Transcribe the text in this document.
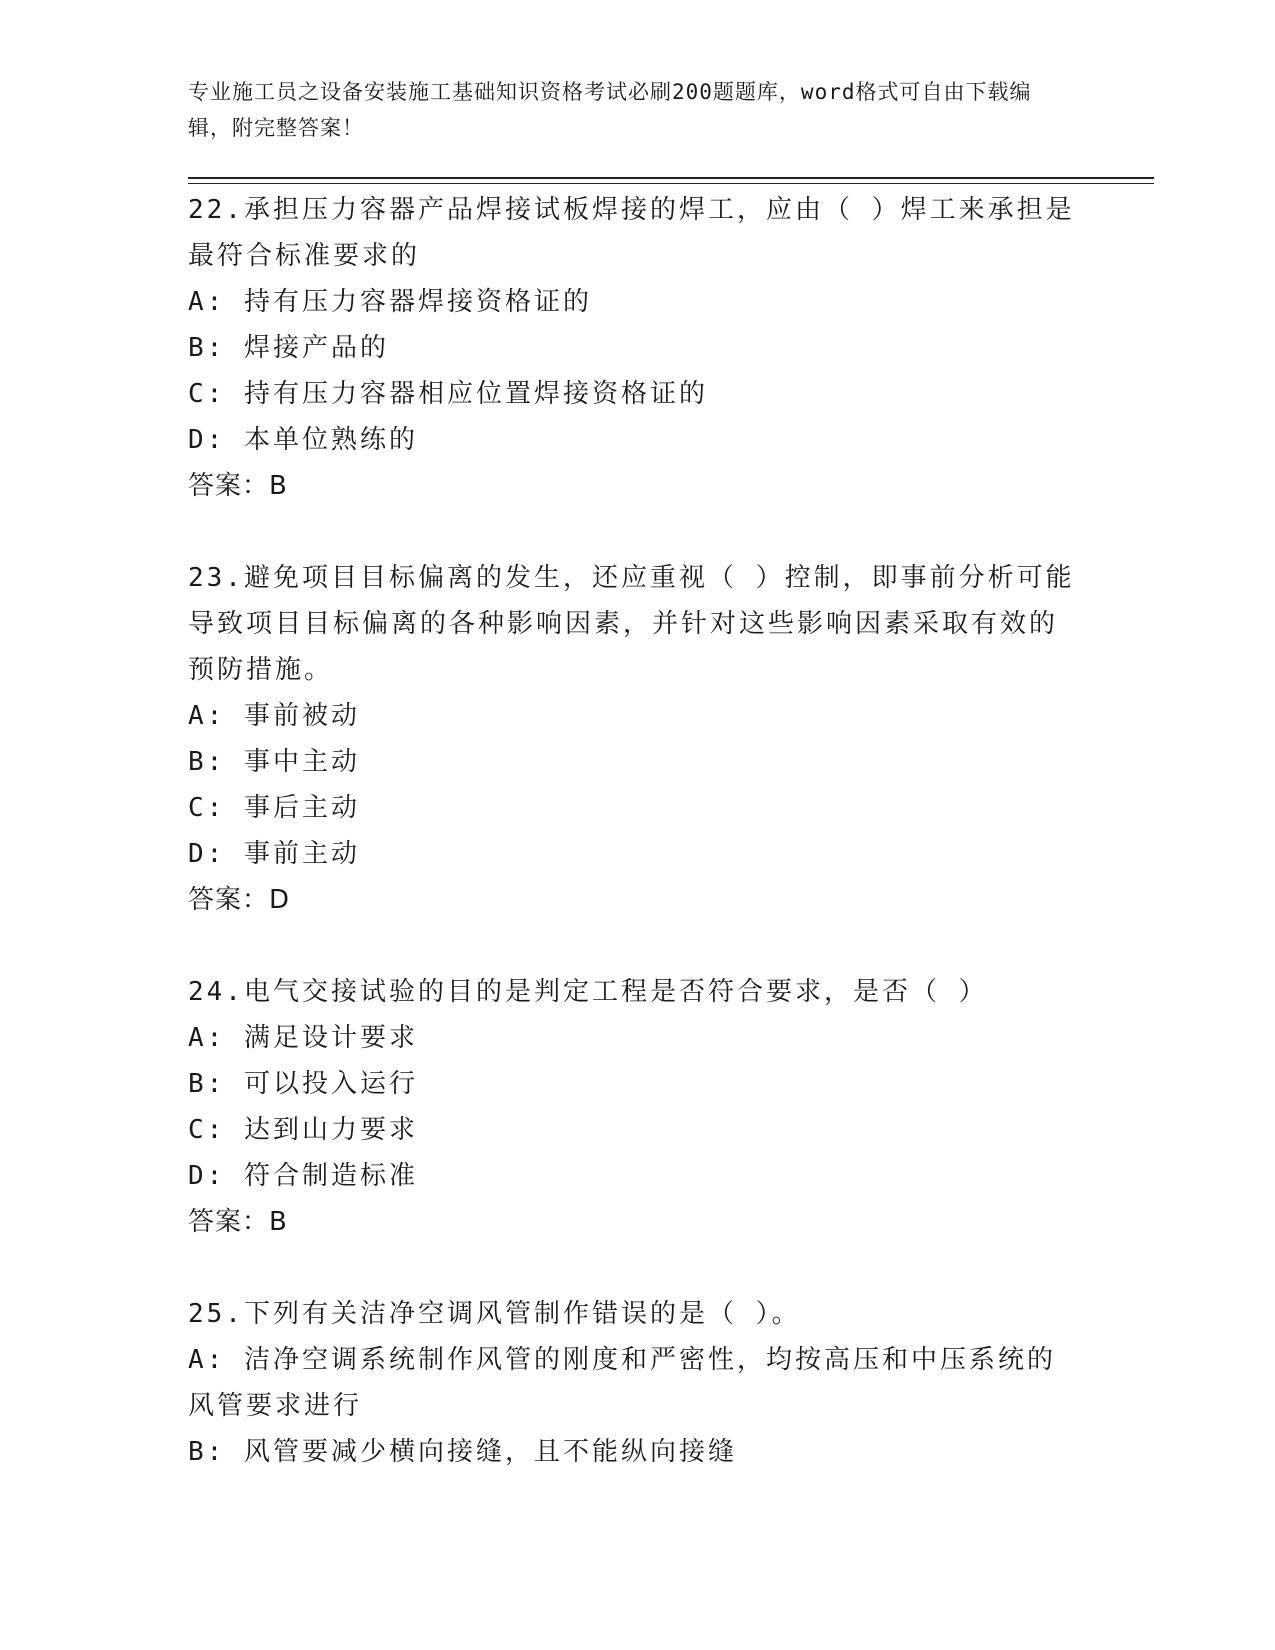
专业施工员之设备安装施工基础知识资格考试必刷200题题库，word格式可自由下载编辑，附完整答案！
22.承担压力容器产品焊接试板焊接的焊工，应由（ ）焊工来承担是最符合标准要求的
A: 持有压力容器焊接资格证的
B: 焊接产品的
C: 持有压力容器相应位置焊接资格证的
D: 本单位熟练的
答案：B
23.避免项目目标偏离的发生，还应重视（ ）控制，即事前分析可能导致项目目标偏离的各种影响因素，并针对这些影响因素采取有效的预防措施。
A: 事前被动
B: 事中主动
C: 事后主动
D: 事前主动
答案：D
24.电气交接试验的目的是判定工程是否符合要求，是否（ ）
A: 满足设计要求
B: 可以投入运行
C: 达到山力要求
D: 符合制造标准
答案：B
25.下列有关洁净空调风管制作错误的是（ ）。
A: 洁净空调系统制作风管的刚度和严密性，均按高压和中压系统的风管要求进行
B: 风管要减少横向接缝，且不能纵向接缝
